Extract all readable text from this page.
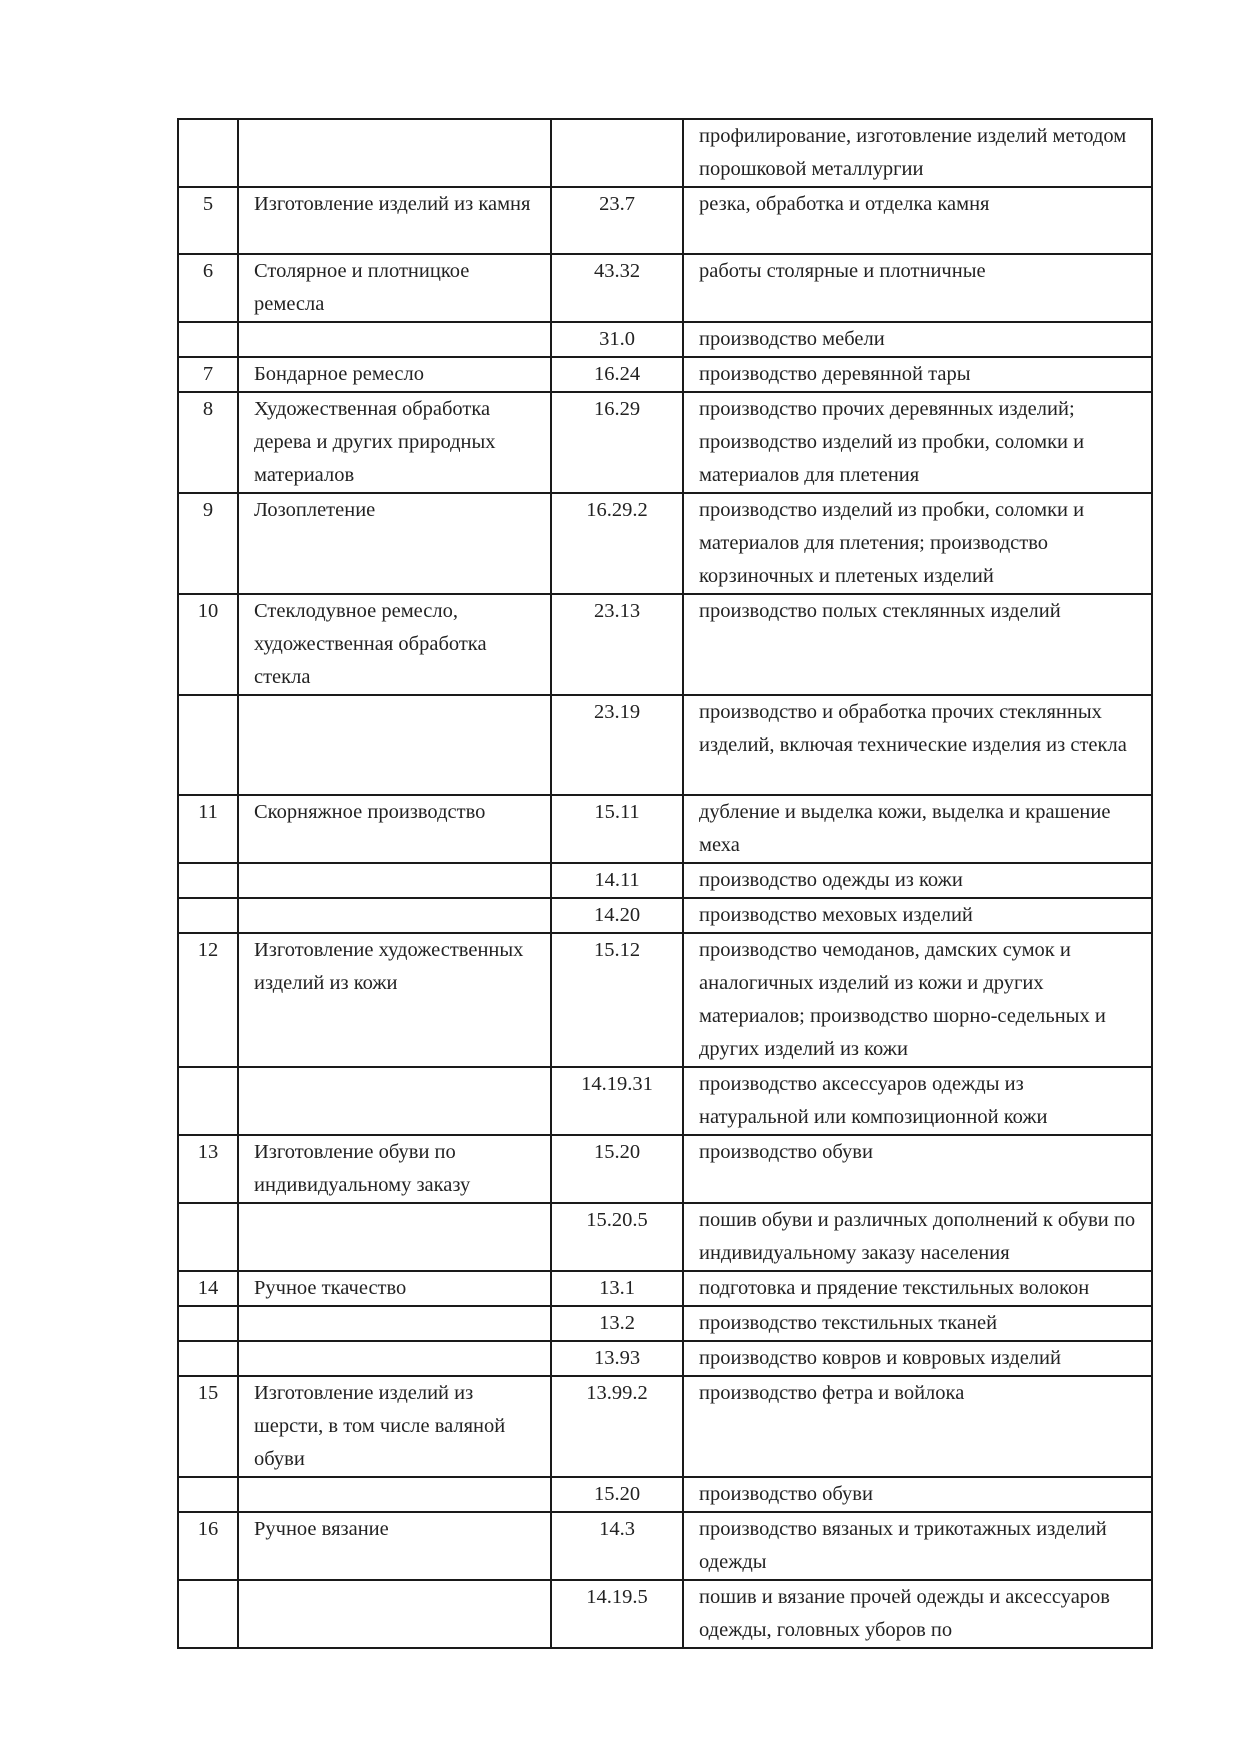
			профилирование, изготовление изделий методом порошковой металлургии
5	Изготовление изделий из камня	23.7	резка, обработка и отделка камня
6	Столярное и плотницкое ремесла	43.32	работы столярные и плотничные
		31.0	производство мебели
7	Бондарное ремесло	16.24	производство деревянной тары
8	Художественная обработка дерева и других природных материалов	16.29	производство прочих деревянных изделий; производство изделий из пробки, соломки и материалов для плетения
9	Лозоплетение	16.29.2	производство изделий из пробки, соломки и материалов для плетения; производство корзиночных и плетеных изделий
10	Стеклодувное ремесло, художественная обработка стекла	23.13	производство полых стеклянных изделий
		23.19	производство и обработка прочих стеклянных изделий, включая технические изделия из стекла
11	Скорняжное производство	15.11	дубление и выделка кожи, выделка и крашение меха
		14.11	производство одежды из кожи
		14.20	производство меховых изделий
12	Изготовление художественных изделий из кожи	15.12	производство чемоданов, дамских сумок и аналогичных изделий из кожи и других материалов; производство шорно-седельных и других изделий из кожи
		14.19.31	производство аксессуаров одежды из натуральной или композиционной кожи
13	Изготовление обуви по индивидуальному заказу	15.20	производство обуви
		15.20.5	пошив обуви и различных дополнений к обуви по индивидуальному заказу населения
14	Ручное ткачество	13.1	подготовка и прядение текстильных волокон
		13.2	производство текстильных тканей
		13.93	производство ковров и ковровых изделий
15	Изготовление изделий из шерсти, в том числе валяной обуви	13.99.2	производство фетра и войлока
		15.20	производство обуви
16	Ручное вязание	14.3	производство вязаных и трикотажных изделий одежды
		14.19.5	пошив и вязание прочей одежды и аксессуаров одежды, головных уборов по
